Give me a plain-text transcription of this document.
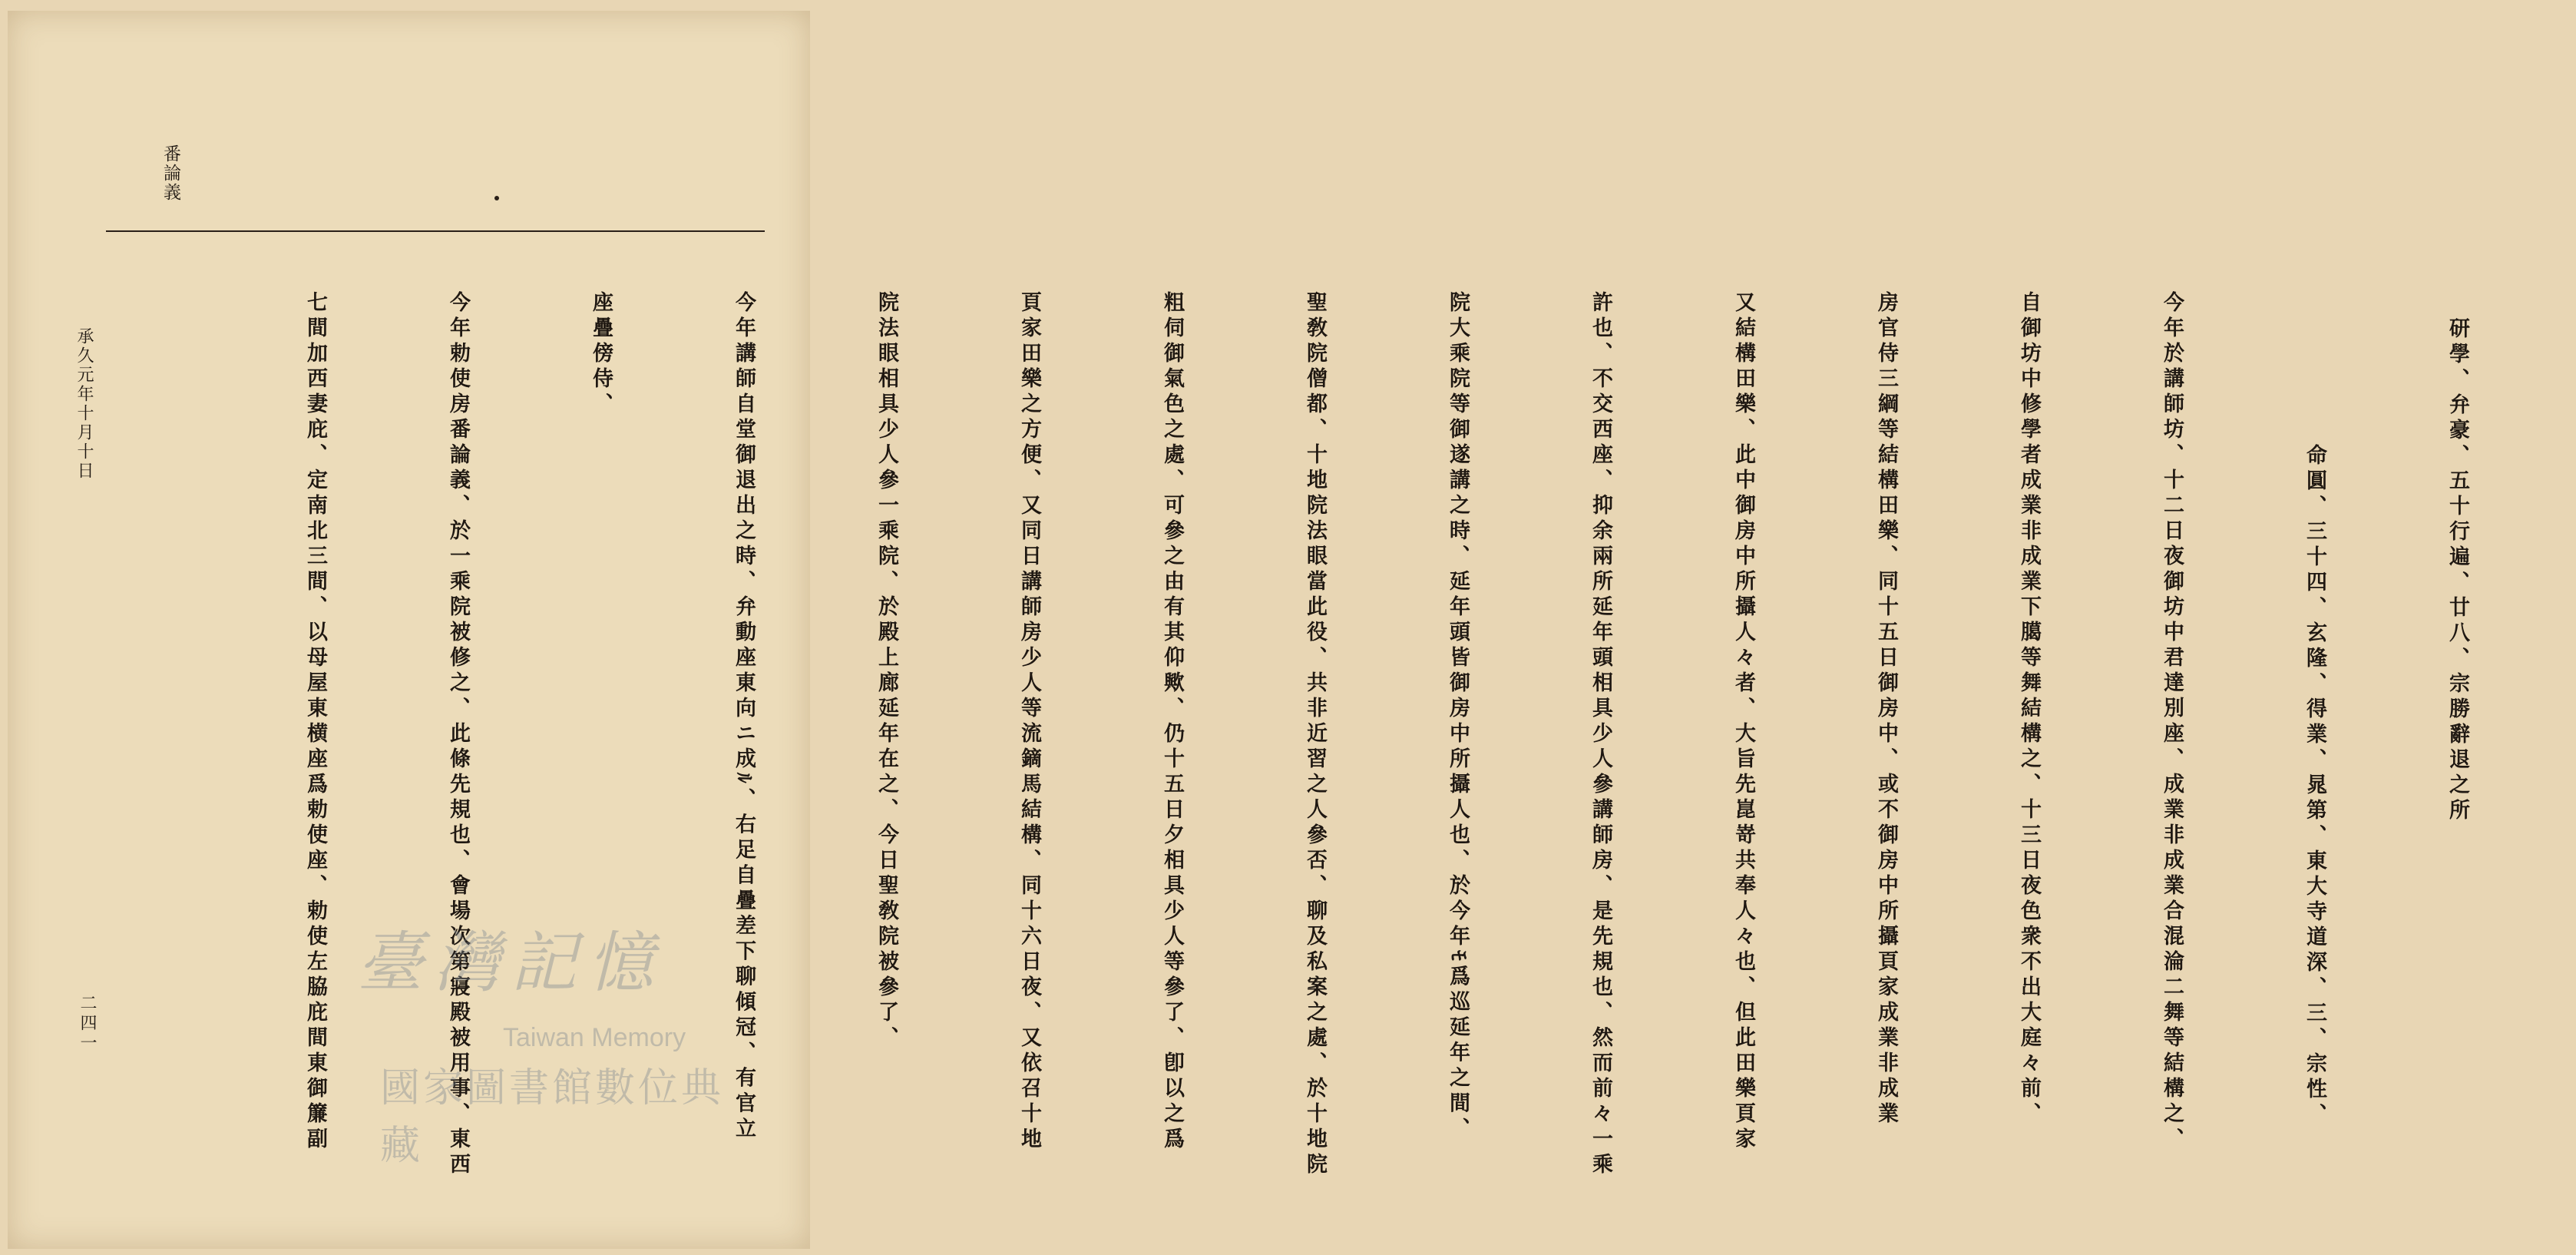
番論義

研學、弁豪、五十行遍、廿八、宗勝辭退之所

　　　　　命圓、三十四、玄隆、得業、晁第、東大寺道深、三、宗性、

今年於講師坊、十二日夜御坊中君達別座、成業非成業合混淪二舞等結構之、

自御坊中修學者成業非成業下臈等舞結構之、十三日夜色衆不出大庭々前、

房官侍三綱等結構田樂、同十五日御房中、或不御房中所攝頁家成業非成業

又結構田樂、此中御房中所攝人々者、大旨先崑嵜共奉人々也、但此田樂頁家

許也、不交西座、抑余兩所延年頭相具少人參講師房、是先規也、然而前々一乘

院大乘院等御遂講之時、延年頭皆御房中所攝人也、於今年ﾓ爲巡延年之間、

聖敎院僧都、十地院法眼當此役、共非近習之人參否、聊及私案之處、於十地院

粗伺御氣色之處、可參之由有其仰歟、仍十五日夕相具少人等參了、卽以之爲

頁家田樂之方便、又同日講師房少人等流鏑馬結構、同十六日夜、又依召十地

院法眼相具少人參一乘院、於殿上廊延年在之、今日聖敎院被參了、

今年講師自堂御退出之時、弁動座東向ニ成ﾙ、右足自疊差下聊傾冠、有官立

座疊傍侍、

今年勅使房番論義、於一乘院被修之、此條先規也、會場次第寢殿被用事、東西

七間加西妻庇、定南北三間、以母屋東横座爲勅使座、勅使左脇庇間東御簾副

承久元年十月十日
二四一
臺灣記憶
Taiwan Memory
國家圖書館數位典藏
